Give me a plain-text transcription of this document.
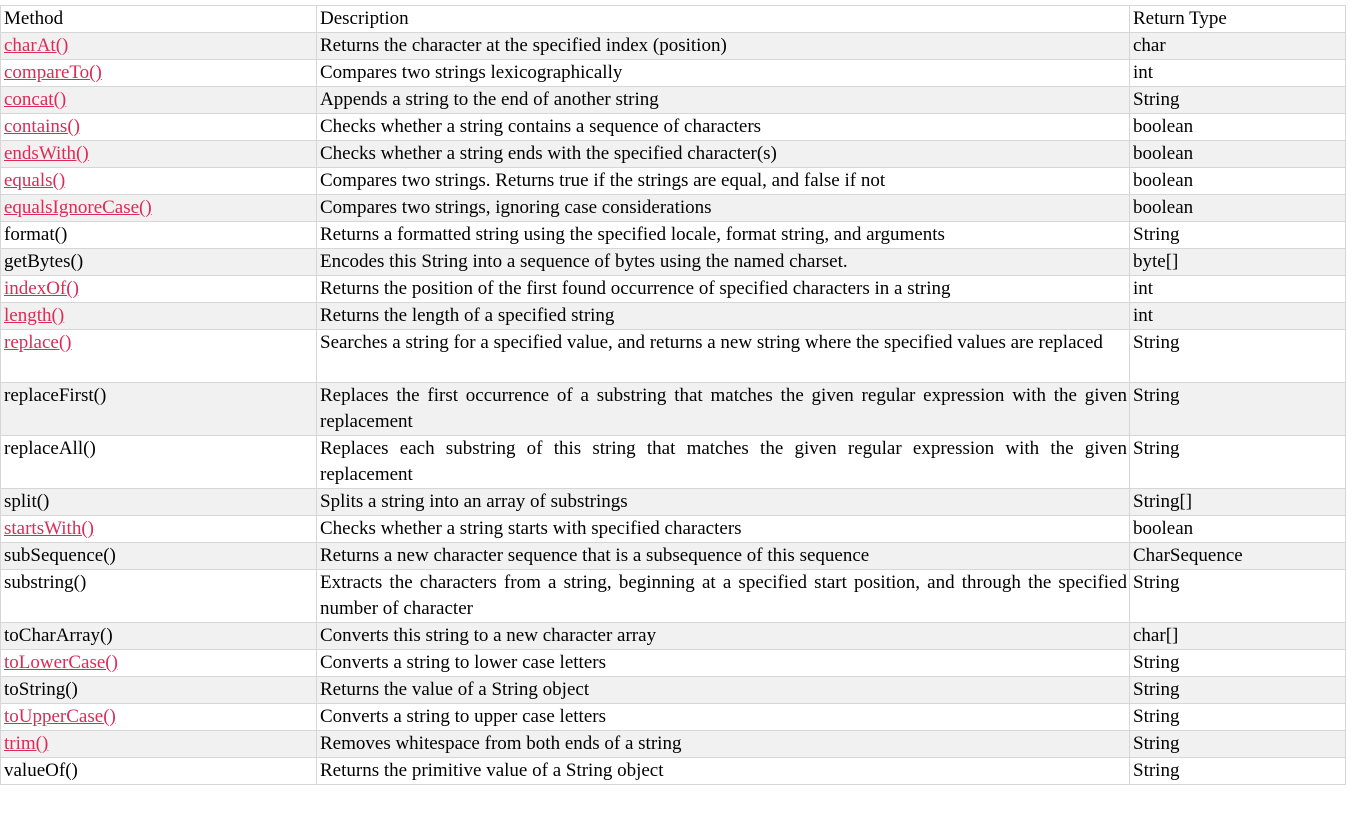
Method	Description	Return Type
charAt()	Returns the character at the specified index (position)	char
compareTo()	Compares two strings lexicographically	int
concat()	Appends a string to the end of another string	String
contains()	Checks whether a string contains a sequence of characters	boolean
endsWith()	Checks whether a string ends with the specified character(s)	boolean
equals()	Compares two strings. Returns true if the strings are equal, and false if not	boolean
equalsIgnoreCase()	Compares two strings, ignoring case considerations	boolean
format()	Returns a formatted string using the specified locale, format string, and arguments	String
getBytes()	Encodes this String into a sequence of bytes using the named charset.	byte[]
indexOf()	Returns the position of the first found occurrence of specified characters in a string	int
length()	Returns the length of a specified string	int
replace()	Searches a string for a specified value, and returns a new string where the specified values are replaced	String
replaceFirst()	Replaces the first occurrence of a substring that matches the given regular expression with the given replacement	String
replaceAll()	Replaces each substring of this string that matches the given regular expression with the given replacement	String
split()	Splits a string into an array of substrings	String[]
startsWith()	Checks whether a string starts with specified characters	boolean
subSequence()	Returns a new character sequence that is a subsequence of this sequence	CharSequence
substring()	Extracts the characters from a string, beginning at a specified start position, and through the specified number of character	String
toCharArray()	Converts this string to a new character array	char[]
toLowerCase()	Converts a string to lower case letters	String
toString()	Returns the value of a String object	String
toUpperCase()	Converts a string to upper case letters	String
trim()	Removes whitespace from both ends of a string	String
valueOf()	Returns the primitive value of a String object	String
